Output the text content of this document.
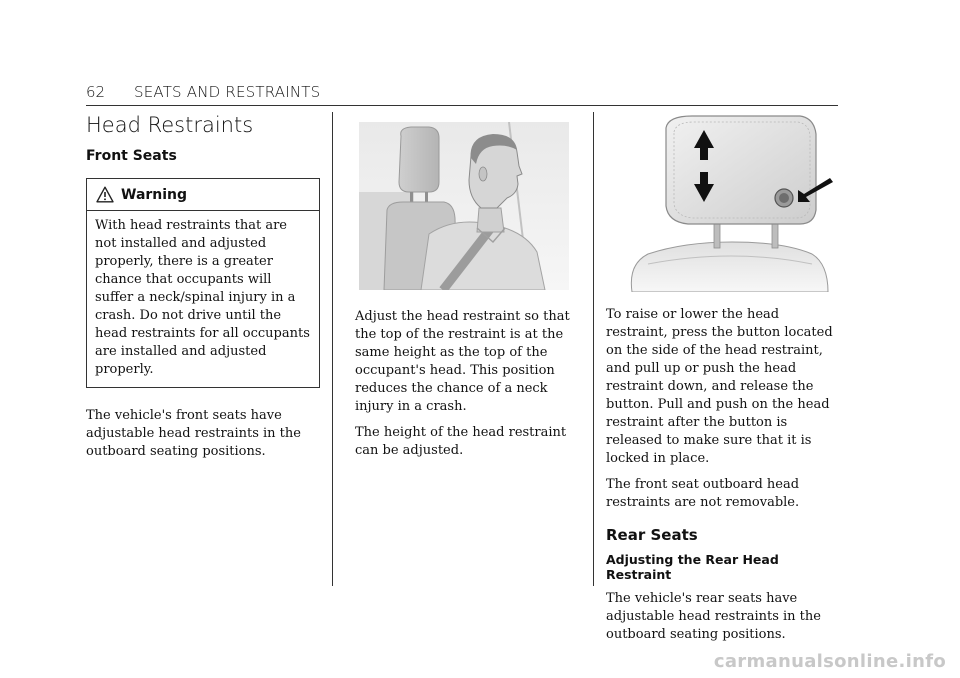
62 SEATS AND RESTRAINTS
Head Restraints
Front Seats
Warning
With head restraints that are not installed and adjusted properly, there is a greater chance that occupants will suffer a neck/spinal injury in a crash. Do not drive until the head restraints for all occupants are installed and adjusted properly.

The vehicle's front seats have adjustable head restraints in the outboard seating positions.

Adjust the head restraint so that the top of the restraint is at the same height as the top of the occupant's head. This position reduces the chance of a neck injury in a crash.

The height of the head restraint can be adjusted.

To raise or lower the head restraint, press the button located on the side of the head restraint, and pull up or push the head restraint down, and release the button. Pull and push on the head restraint after the button is released to make sure that it is locked in place.

The front seat outboard head restraints are not removable.

Rear Seats
Adjusting the Rear Head Restraint

The vehicle's rear seats have adjustable head restraints in the outboard seating positions.

carmanualsonline.info
